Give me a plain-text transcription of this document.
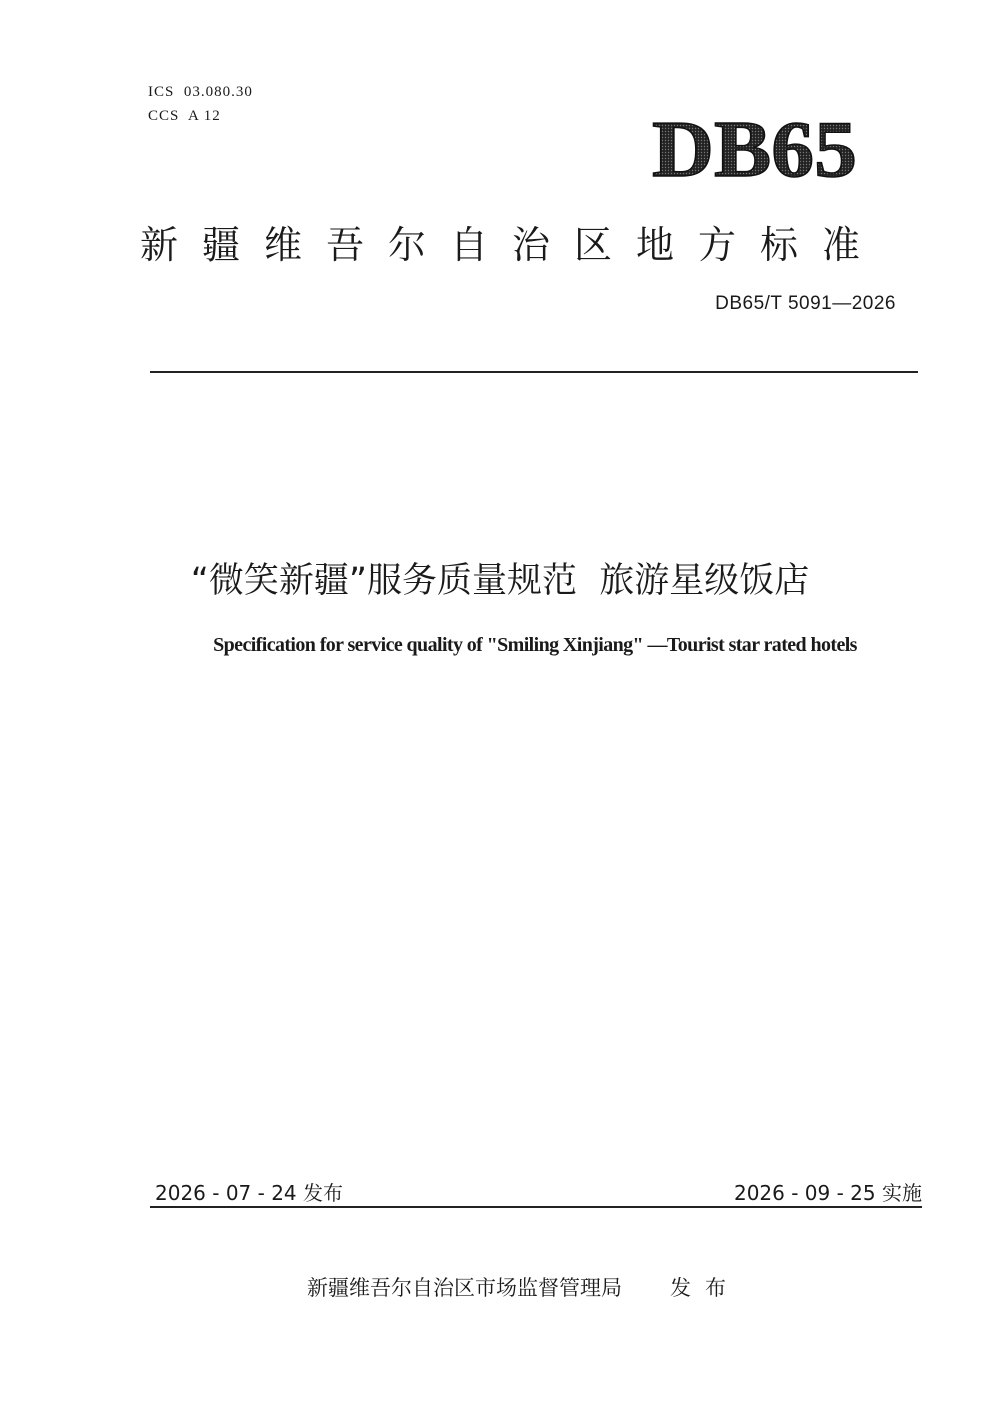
ICS  03.080.30
CCS  A 12	DB65
新疆维吾尔自治区地方标准
DB65/T 5091—2026
“微笑新疆”服务质量规范  旅游星级饭店
Specification for service quality of "Smiling Xinjiang" —Tourist star rated hotels
2026 - 07 - 24 发布	2026 - 09 - 25 实施
新疆维吾尔自治区市场监督管理局 发布
